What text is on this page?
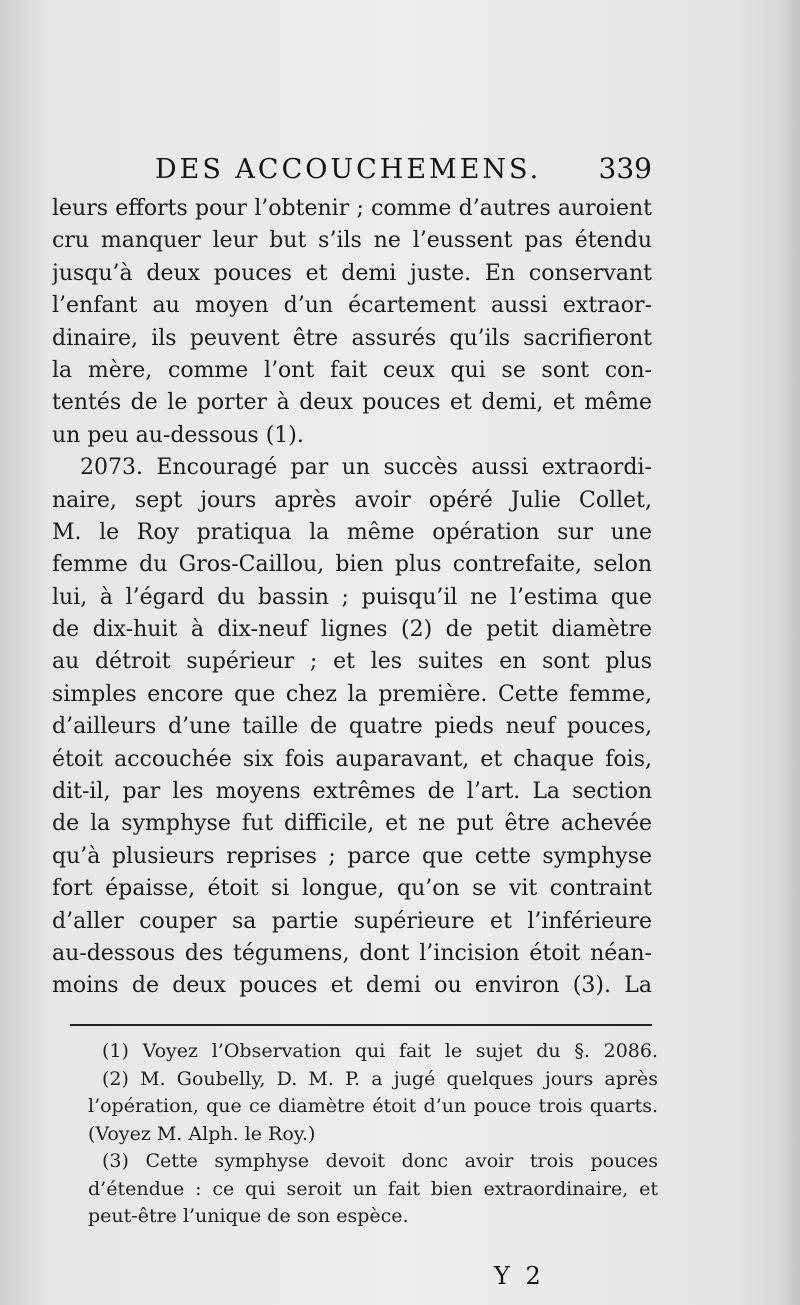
DES ACCOUCHEMENS. 339
leurs efforts pour l’obtenir ; comme d’autres auroient
cru manquer leur but s’ils ne l’eussent pas étendu
jusqu’à deux pouces et demi juste. En conservant
l’enfant au moyen d’un écartement aussi extraor-
dinaire, ils peuvent être assurés qu’ils sacrifieront
la mère, comme l’ont fait ceux qui se sont con-
tentés de le porter à deux pouces et demi, et même
un peu au-dessous (1).
2073. Encouragé par un succès aussi extraordi-
naire, sept jours après avoir opéré Julie Collet,
M. le Roy pratiqua la même opération sur une
femme du Gros-Caillou, bien plus contrefaite, selon
lui, à l’égard du bassin ; puisqu’il ne l’estima que
de dix-huit à dix-neuf lignes (2) de petit diamètre
au détroit supérieur ; et les suites en sont plus
simples encore que chez la première. Cette femme,
d’ailleurs d’une taille de quatre pieds neuf pouces,
étoit accouchée six fois auparavant, et chaque fois,
dit-il, par les moyens extrêmes de l’art. La section
de la symphyse fut difficile, et ne put être achevée
qu’à plusieurs reprises ; parce que cette symphyse
fort épaisse, étoit si longue, qu’on se vit contraint
d’aller couper sa partie supérieure et l’inférieure
au-dessous des tégumens, dont l’incision étoit néan-
moins de deux pouces et demi ou environ (3). La
(1) Voyez l’Observation qui fait le sujet du §. 2086.
(2) M. Goubelly, D. M. P. a jugé quelques jours après
l’opération, que ce diamètre étoit d’un pouce trois quarts.
(Voyez M. Alph. le Roy.)
(3) Cette symphyse devoit donc avoir trois pouces
d’étendue : ce qui seroit un fait bien extraordinaire, et
peut-être l’unique de son espèce.
Y 2
